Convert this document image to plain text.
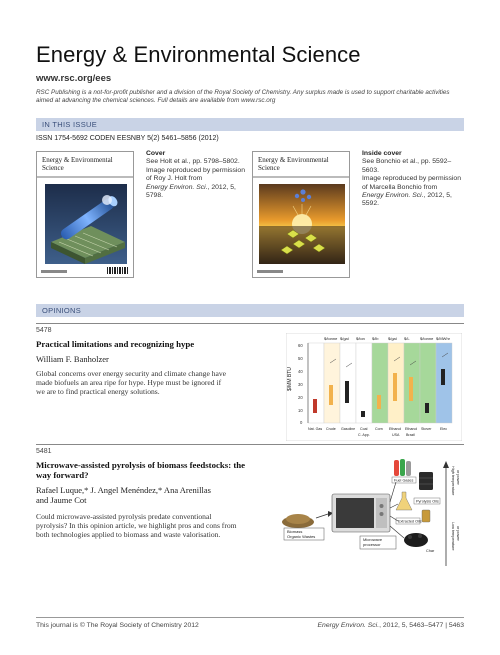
Energy & Environmental Science
www.rsc.org/ees
RSC Publishing is a not-for-profit publisher and a division of the Royal Society of Chemistry. Any surplus made is used to support charitable activities aimed at advancing the chemical sciences. Full details are available from www.rsc.org
IN THIS ISSUE
ISSN 1754-5692 CODEN EESNBY 5(2) 5461–5856 (2012)
Energy & Environmental Science
Cover
See Holt et al., pp. 5798–5802.
Image reproduced by permission
of Roy J. Holt from
Energy Environ. Sci., 2012, 5, 5798.
Energy & Environmental Science
Inside cover
See Bonchio et al., pp. 5592–5603.
Image reproduced by permission
of Marcella Bonchio from
Energy Environ. Sci., 2012, 5, 5592.
OPINIONS
5478
Practical limitations and recognizing hype
William F. Banholzer
Global concerns over energy security and climate change have
made biofuels an area ripe for hype. Hype must be ignored if
we are to find practical energy solutions.
$/MM BTU
60
50
40
30
20
10
0
$/tonne $/gal $/ton $/lb $/gal $/L	$/tonne $/MWhr
Nat. Gas Crude Gasoline Coal Corn Ethanol Ethanol Stover Elec
C. App.	USA Brazil
5481
Microwave-assisted pyrolysis of biomass feedstocks: the
way forward?
Rafael Luque,* J. Angel Menéndez,* Ana Arenillas
and Jaume Cot
Could microwave-assisted pyrolysis predate conventional
pyrolysis? In this opinion article, we highlight pros and cons from
both technologies applied to biomass and waste valorisation.
High temperature or power
Low temperature or power
Biomass
Organic Wastes
Microwave
processor
Fuel Gases
Pyrolysis Oils
Extracted Oils
Char
This journal is © The Royal Society of Chemistry 2012	Energy Environ. Sci., 2012, 5, 5463–5477 | 5463
